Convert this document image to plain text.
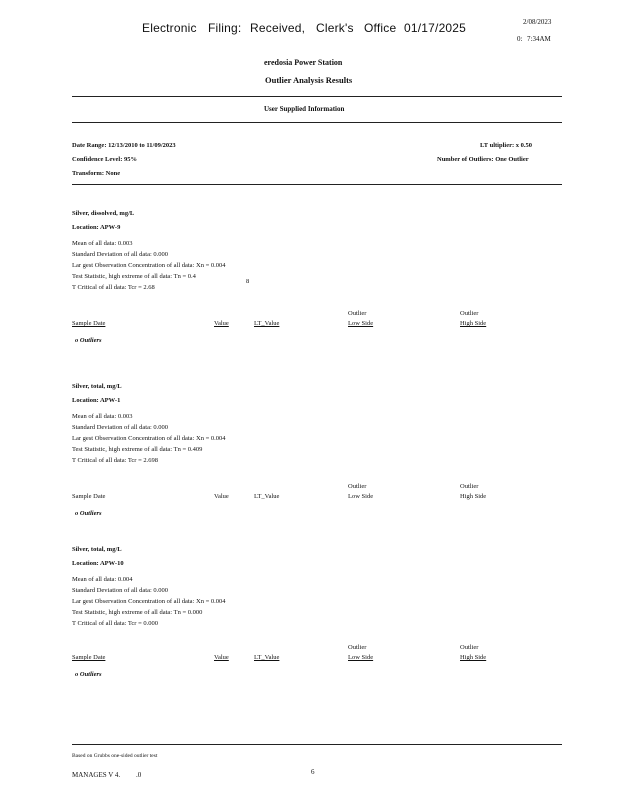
Electronic Filing: Received, Clerk's Office 01/17/2025	2/08/2023
0: 7:34AM
eredosia Power Station
Outlier Analysis Results
User Supplied Information
Date Range: 12/13/2010 to 11/09/2023
Confidence Level: 95%
Transform: None
LT ultiplier: x 0.50
Number of Outliers: One Outlier
Silver, dissolved, mg/L
Location: APW-9
Mean of all data: 0.003
Standard Deviation of all data: 0.000
Lar gest Observation Concentration of all data: Xn = 0.004
Test Statistic, high extreme of all data: Tn = 0.4
T Critical of all data: Tcr = 2.68
8
Outlier	Outlier
Sample Date	Value	LT_Value	Low Side	High Side
o Outliers
Silver, total, mg/L
Location: APW-1
Mean of all data: 0.003
Standard Deviation of all data: 0.000
Lar gest Observation Concentration of all data: Xn = 0.004
Test Statistic, high extreme of all data: Tn = 0.409
T Critical of all data: Tcr = 2.698
Outlier	Outlier
Sample Date	Value	LT_Value	Low Side	High Side
o Outliers
Silver, total, mg/L
Location: APW-10
Mean of all data: 0.004
Standard Deviation of all data: 0.000
Lar gest Observation Concentration of all data: Xn = 0.004
Test Statistic, high extreme of all data: Tn = 0.000
T Critical of all data: Tcr = 0.000
Outlier	Outlier
Sample Date	Value	LT_Value	Low Side	High Side
o Outliers
Based on Grubbs one-sided outlier test
MANAGES V 4. .0	6
